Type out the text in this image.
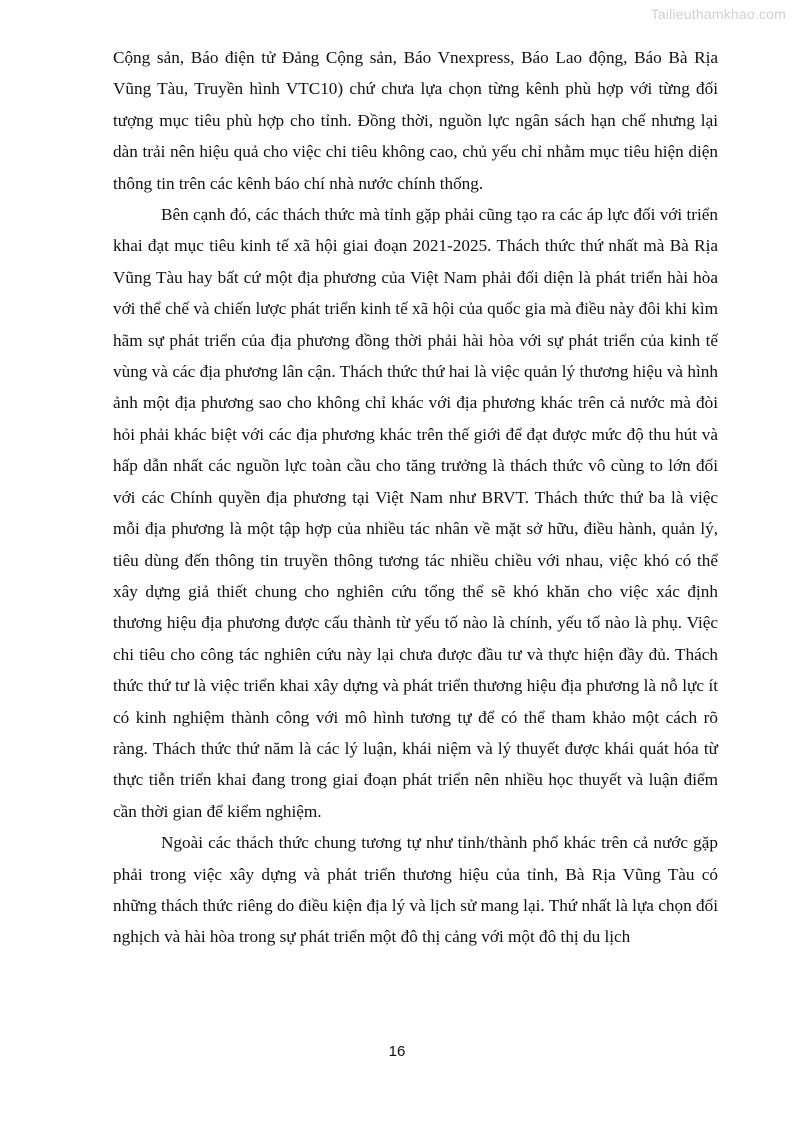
Tailieuthamkhao.com

Cộng sản, Báo điện tử Đảng Cộng sản, Báo Vnexpress, Báo Lao động, Báo Bà Rịa Vũng Tàu, Truyền hình VTC10) chứ chưa lựa chọn từng kênh phù hợp với từng đối tượng mục tiêu phù hợp cho tỉnh. Đồng thời, nguồn lực ngân sách hạn chế nhưng lại dàn trải nên hiệu quả cho việc chi tiêu không cao, chủ yếu chỉ nhằm mục tiêu hiện diện thông tin trên các kênh báo chí nhà nước chính thống.

Bên cạnh đó, các thách thức mà tỉnh gặp phải cũng tạo ra các áp lực đối với triển khai đạt mục tiêu kinh tế xã hội giai đoạn 2021-2025. Thách thức thứ nhất mà Bà Rịa Vũng Tàu hay bất cứ một địa phương của Việt Nam phải đối diện là phát triển hài hòa với thể chế và chiến lược phát triển kinh tế xã hội của quốc gia mà điều này đôi khi kìm hãm sự phát triển của địa phương đồng thời phải hài hòa với sự phát triển của kinh tế vùng và các địa phương lân cận. Thách thức thứ hai là việc quản lý thương hiệu và hình ảnh một địa phương sao cho không chỉ khác với địa phương khác trên cả nước mà đòi hỏi phải khác biệt với các địa phương khác trên thế giới để đạt được mức độ thu hút và hấp dẫn nhất các nguồn lực toàn cầu cho tăng trưởng là thách thức vô cùng to lớn đối với các Chính quyền địa phương tại Việt Nam như BRVT. Thách thức thứ ba là việc mỗi địa phương là một tập hợp của nhiều tác nhân về mặt sở hữu, điều hành, quản lý, tiêu dùng đến thông tin truyền thông tương tác nhiều chiều với nhau, việc khó có thể xây dựng giả thiết chung cho nghiên cứu tổng thể sẽ khó khăn cho việc xác định thương hiệu địa phương được cấu thành từ yếu tố nào là chính, yếu tố nào là phụ. Việc chi tiêu cho công tác nghiên cứu này lại chưa được đầu tư và thực hiện đầy đủ. Thách thức thứ tư là việc triển khai xây dựng và phát triển thương hiệu địa phương là nỗ lực ít có kinh nghiệm thành công với mô hình tương tự để có thể tham khảo một cách rõ ràng. Thách thức thứ năm là các lý luận, khái niệm và lý thuyết được khái quát hóa từ thực tiễn triển khai đang trong giai đoạn phát triển nên nhiều học thuyết và luận điểm cần thời gian để kiểm nghiệm.

Ngoài các thách thức chung tương tự như tỉnh/thành phố khác trên cả nước gặp phải trong việc xây dựng và phát triển thương hiệu của tỉnh, Bà Rịa Vũng Tàu có những thách thức riêng do điều kiện địa lý và lịch sử mang lại. Thứ nhất là lựa chọn đối nghịch và hài hòa trong sự phát triển một đô thị cảng với một đô thị du lịch

16
